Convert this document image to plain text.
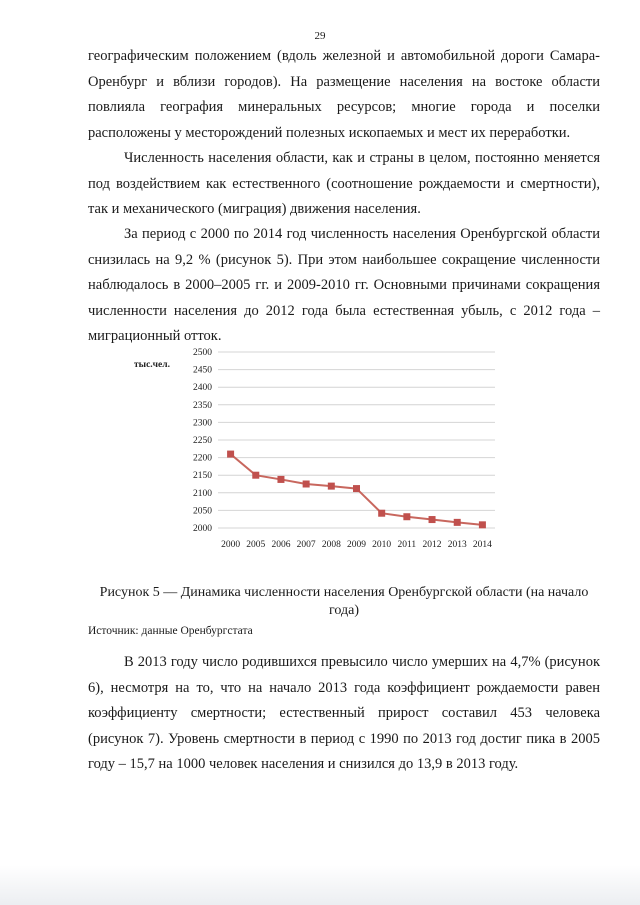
29

географическим положением (вдоль железной и автомобильной дороги Самара-Оренбург и вблизи городов). На размещение населения на востоке области повлияла география минеральных ресурсов; многие города и поселки расположены у месторождений полезных ископаемых и мест их переработки.

Численность населения области, как и страны в целом, постоянно меняется под воздействием как естественного (соотношение рождаемости и смертности), так и механического (миграция) движения населения.

За период с 2000 по 2014 год численность населения Оренбургской области снизилась на 9,2 % (рисунок 5). При этом наибольшее сокращение численности наблюдалось в 2000–2005 гг. и 2009-2010 гг. Основными причинами сокращения численности населения до 2012 года была естественная убыль, с 2012 года – миграционный отток.

2000
2050
2100
2150
2200
2250
2300
2350
2400
2450
2500
2000 2005 2006 2007 2008 2009 2010 2011 2012 2013 2014
тыс.чел.

Рисунок 5 — Динамика численности населения Оренбургской области (на начало года)

Источник: данные Оренбургстата

В 2013 году число родившихся превысило число умерших на 4,7% (рисунок 6), несмотря на то, что на начало 2013 года коэффициент рождаемости равен коэффициенту смертности; естественный прирост составил 453 человека (рисунок 7). Уровень смертности в период с 1990 по 2013 год достиг пика в 2005 году – 15,7 на 1000 человек населения и снизился до 13,9 в 2013 году.
